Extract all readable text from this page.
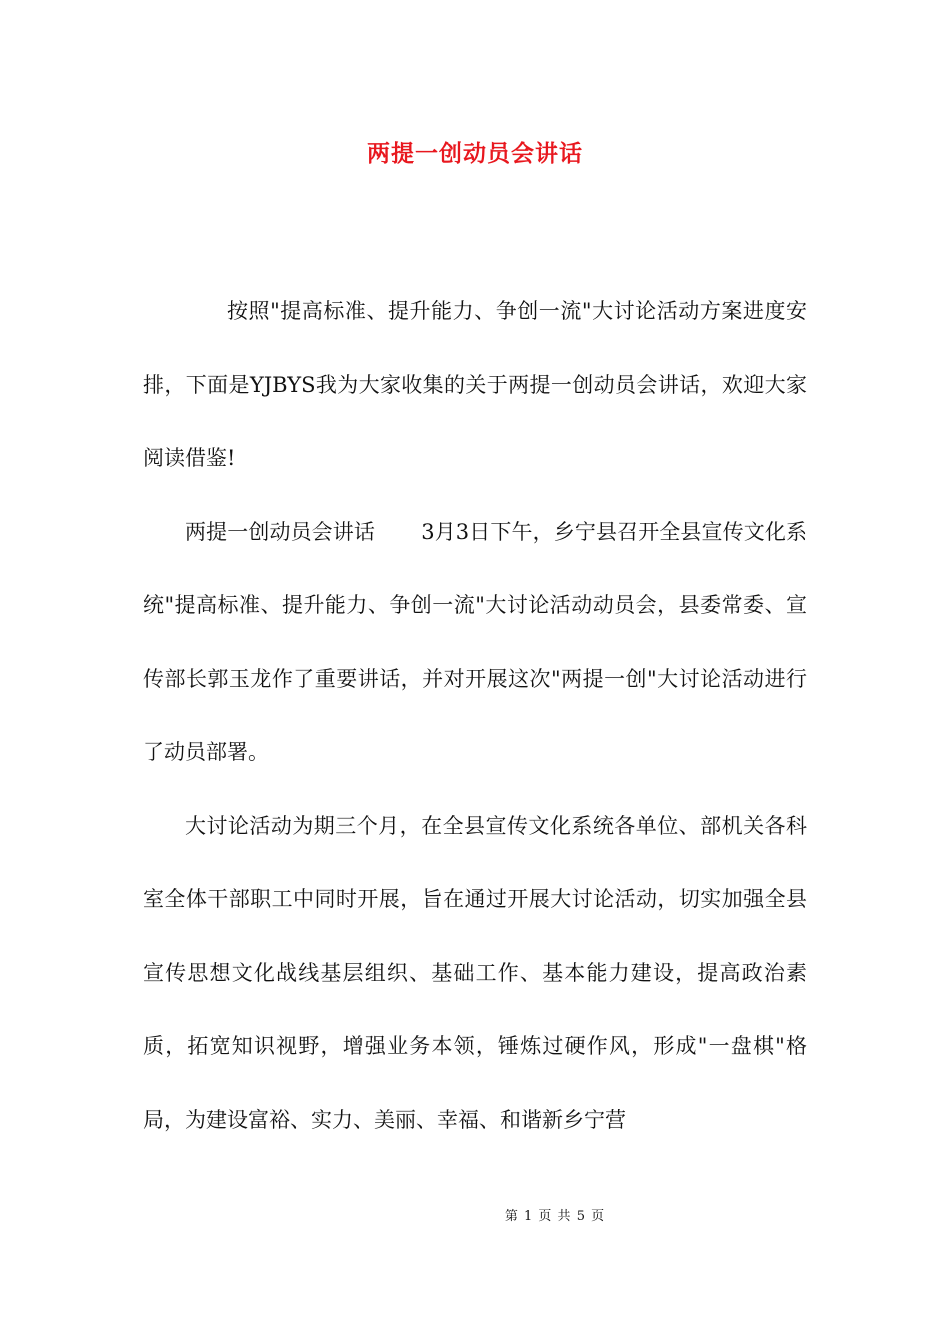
两提一创动员会讲话

按照"提高标准、提升能力、争创一流"大讨论活动方案进度安排，下面是YJBYS我为大家收集的关于两提一创动员会讲话，欢迎大家阅读借鉴!

两提一创动员会讲话 3月3日下午，乡宁县召开全县宣传文化系统"提高标准、提升能力、争创一流"大讨论活动动员会，县委常委、宣传部长郭玉龙作了重要讲话，并对开展这次"两提一创"大讨论活动进行了动员部署。

大讨论活动为期三个月，在全县宣传文化系统各单位、部机关各科室全体干部职工中同时开展，旨在通过开展大讨论活动，切实加强全县宣传思想文化战线基层组织、基础工作、基本能力建设，提高政治素质，拓宽知识视野，增强业务本领，锤炼过硬作风，形成"一盘棋"格局，为建设富裕、实力、美丽、幸福、和谐新乡宁营

第 1 页 共 5 页
